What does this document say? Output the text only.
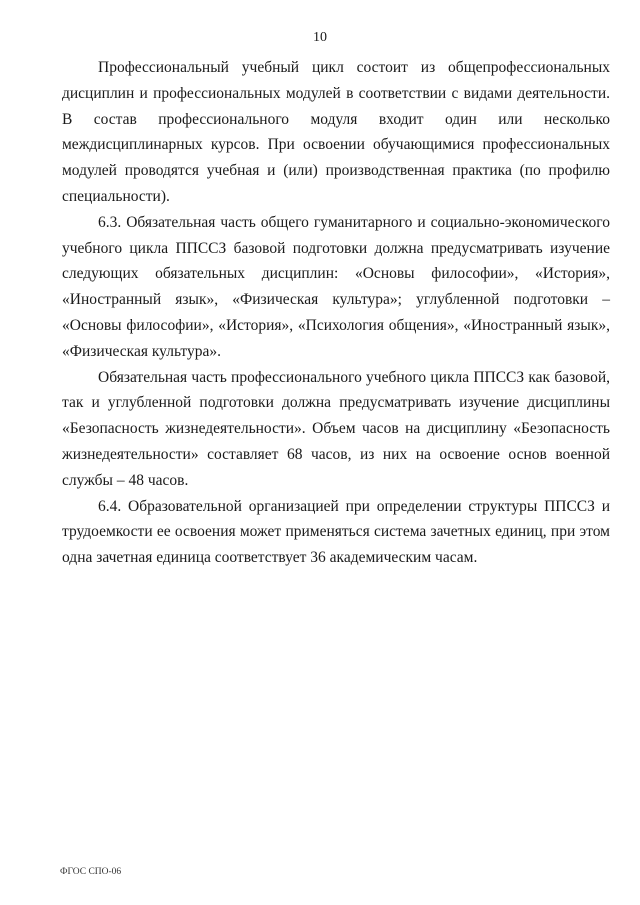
10

Профессиональный учебный цикл состоит из общепрофессиональных дисциплин и профессиональных модулей в соответствии с видами деятельности. В состав профессионального модуля входит один или несколько междисциплинарных курсов. При освоении обучающимися профессиональных модулей проводятся учебная и (или) производственная практика (по профилю специальности).

6.3. Обязательная часть общего гуманитарного и социально-экономического учебного цикла ППССЗ базовой подготовки должна предусматривать изучение следующих обязательных дисциплин: «Основы философии», «История», «Иностранный язык», «Физическая культура»; углубленной подготовки – «Основы философии», «История», «Психология общения», «Иностранный язык», «Физическая культура».

Обязательная часть профессионального учебного цикла ППССЗ как базовой, так и углубленной подготовки должна предусматривать изучение дисциплины «Безопасность жизнедеятельности». Объем часов на дисциплину «Безопасность жизнедеятельности» составляет 68 часов, из них на освоение основ военной службы – 48 часов.

6.4. Образовательной организацией при определении структуры ППССЗ и трудоемкости ее освоения может применяться система зачетных единиц, при этом одна зачетная единица соответствует 36 академическим часам.

ФГОС СПО-06
